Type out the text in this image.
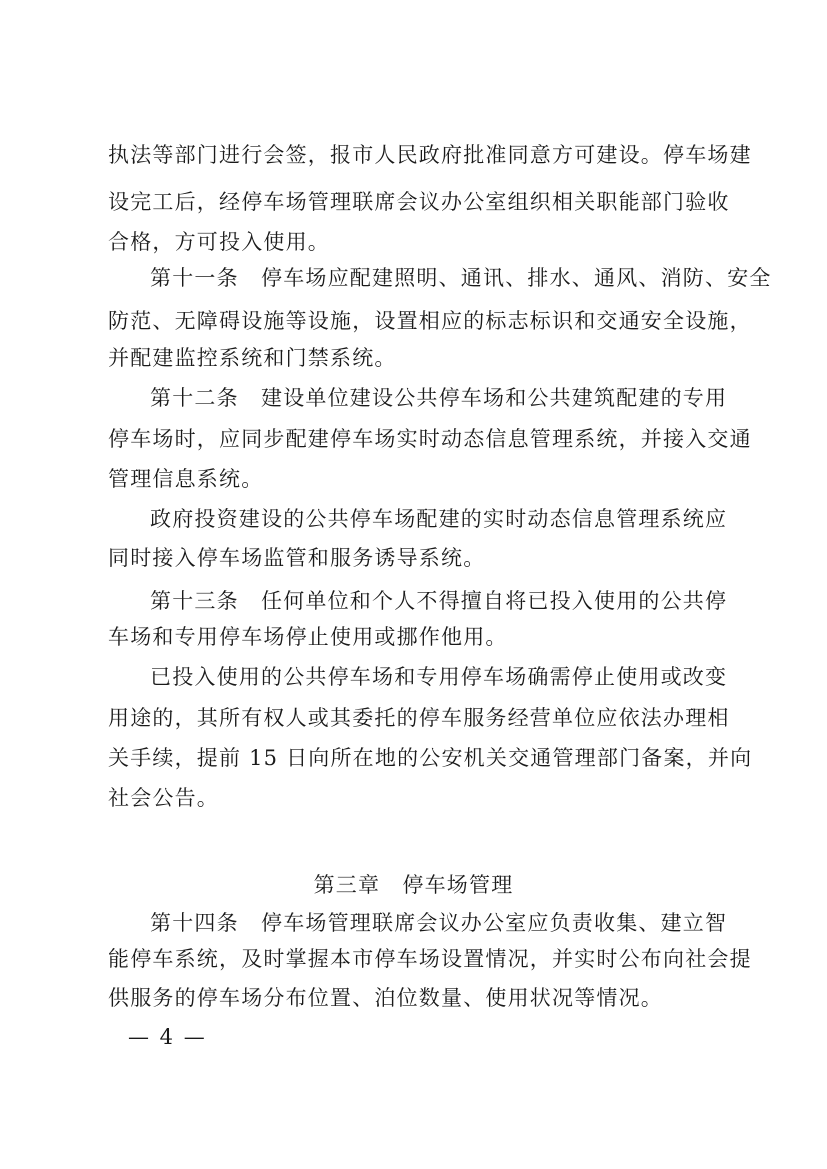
执法等部门进行会签，报市人民政府批准同意方可建设。停车场建
设完工后，经停车场管理联席会议办公室组织相关职能部门验收
合格，方可投入使用。
第十一条　停车场应配建照明、通讯、排水、通风、消防、安全
防范、无障碍设施等设施，设置相应的标志标识和交通安全设施，
并配建监控系统和门禁系统。
第十二条　建设单位建设公共停车场和公共建筑配建的专用
停车场时，应同步配建停车场实时动态信息管理系统，并接入交通
管理信息系统。
政府投资建设的公共停车场配建的实时动态信息管理系统应
同时接入停车场监管和服务诱导系统。
第十三条　任何单位和个人不得擅自将已投入使用的公共停
车场和专用停车场停止使用或挪作他用。
已投入使用的公共停车场和专用停车场确需停止使用或改变
用途的，其所有权人或其委托的停车服务经营单位应依法办理相
关手续，提前 15 日向所在地的公安机关交通管理部门备案，并向
社会公告。
第三章　停车场管理
第十四条　停车场管理联席会议办公室应负责收集、建立智
能停车系统，及时掌握本市停车场设置情况，并实时公布向社会提
供服务的停车场分布位置、泊位数量、使用状况等情况。
— 4 —
